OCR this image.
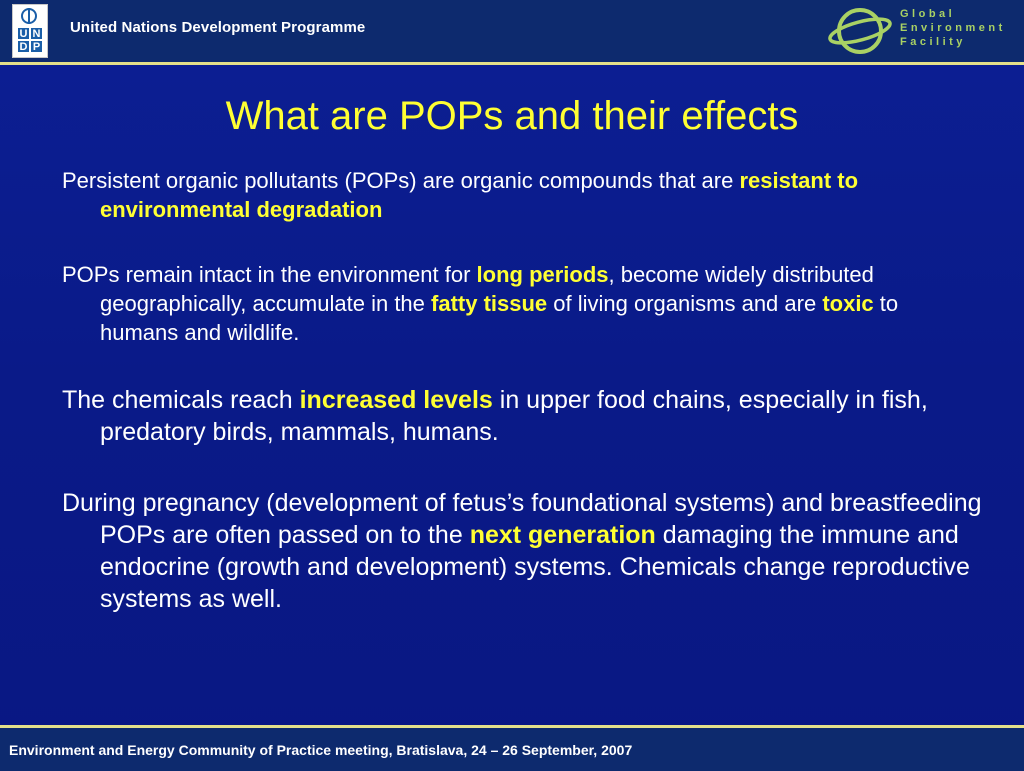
U N
D P
United Nations Development Programme
Global
Environment
Facility
What are POPs and their effects
Persistent organic pollutants (POPs) are organic compounds that are resistant to environmental degradation
POPs remain intact in the environment for long periods, become widely distributed geographically, accumulate in the fatty tissue of living organisms and are toxic to humans and wildlife.
The chemicals reach increased levels in upper food chains, especially in fish, predatory birds, mammals, humans.
During pregnancy (development of fetus’s foundational systems) and breastfeeding POPs are often passed on to the next generation damaging the immune and endocrine (growth and development) systems. Chemicals change reproductive systems as well.
Environment and Energy Community of Practice meeting, Bratislava, 24 – 26 September, 2007
